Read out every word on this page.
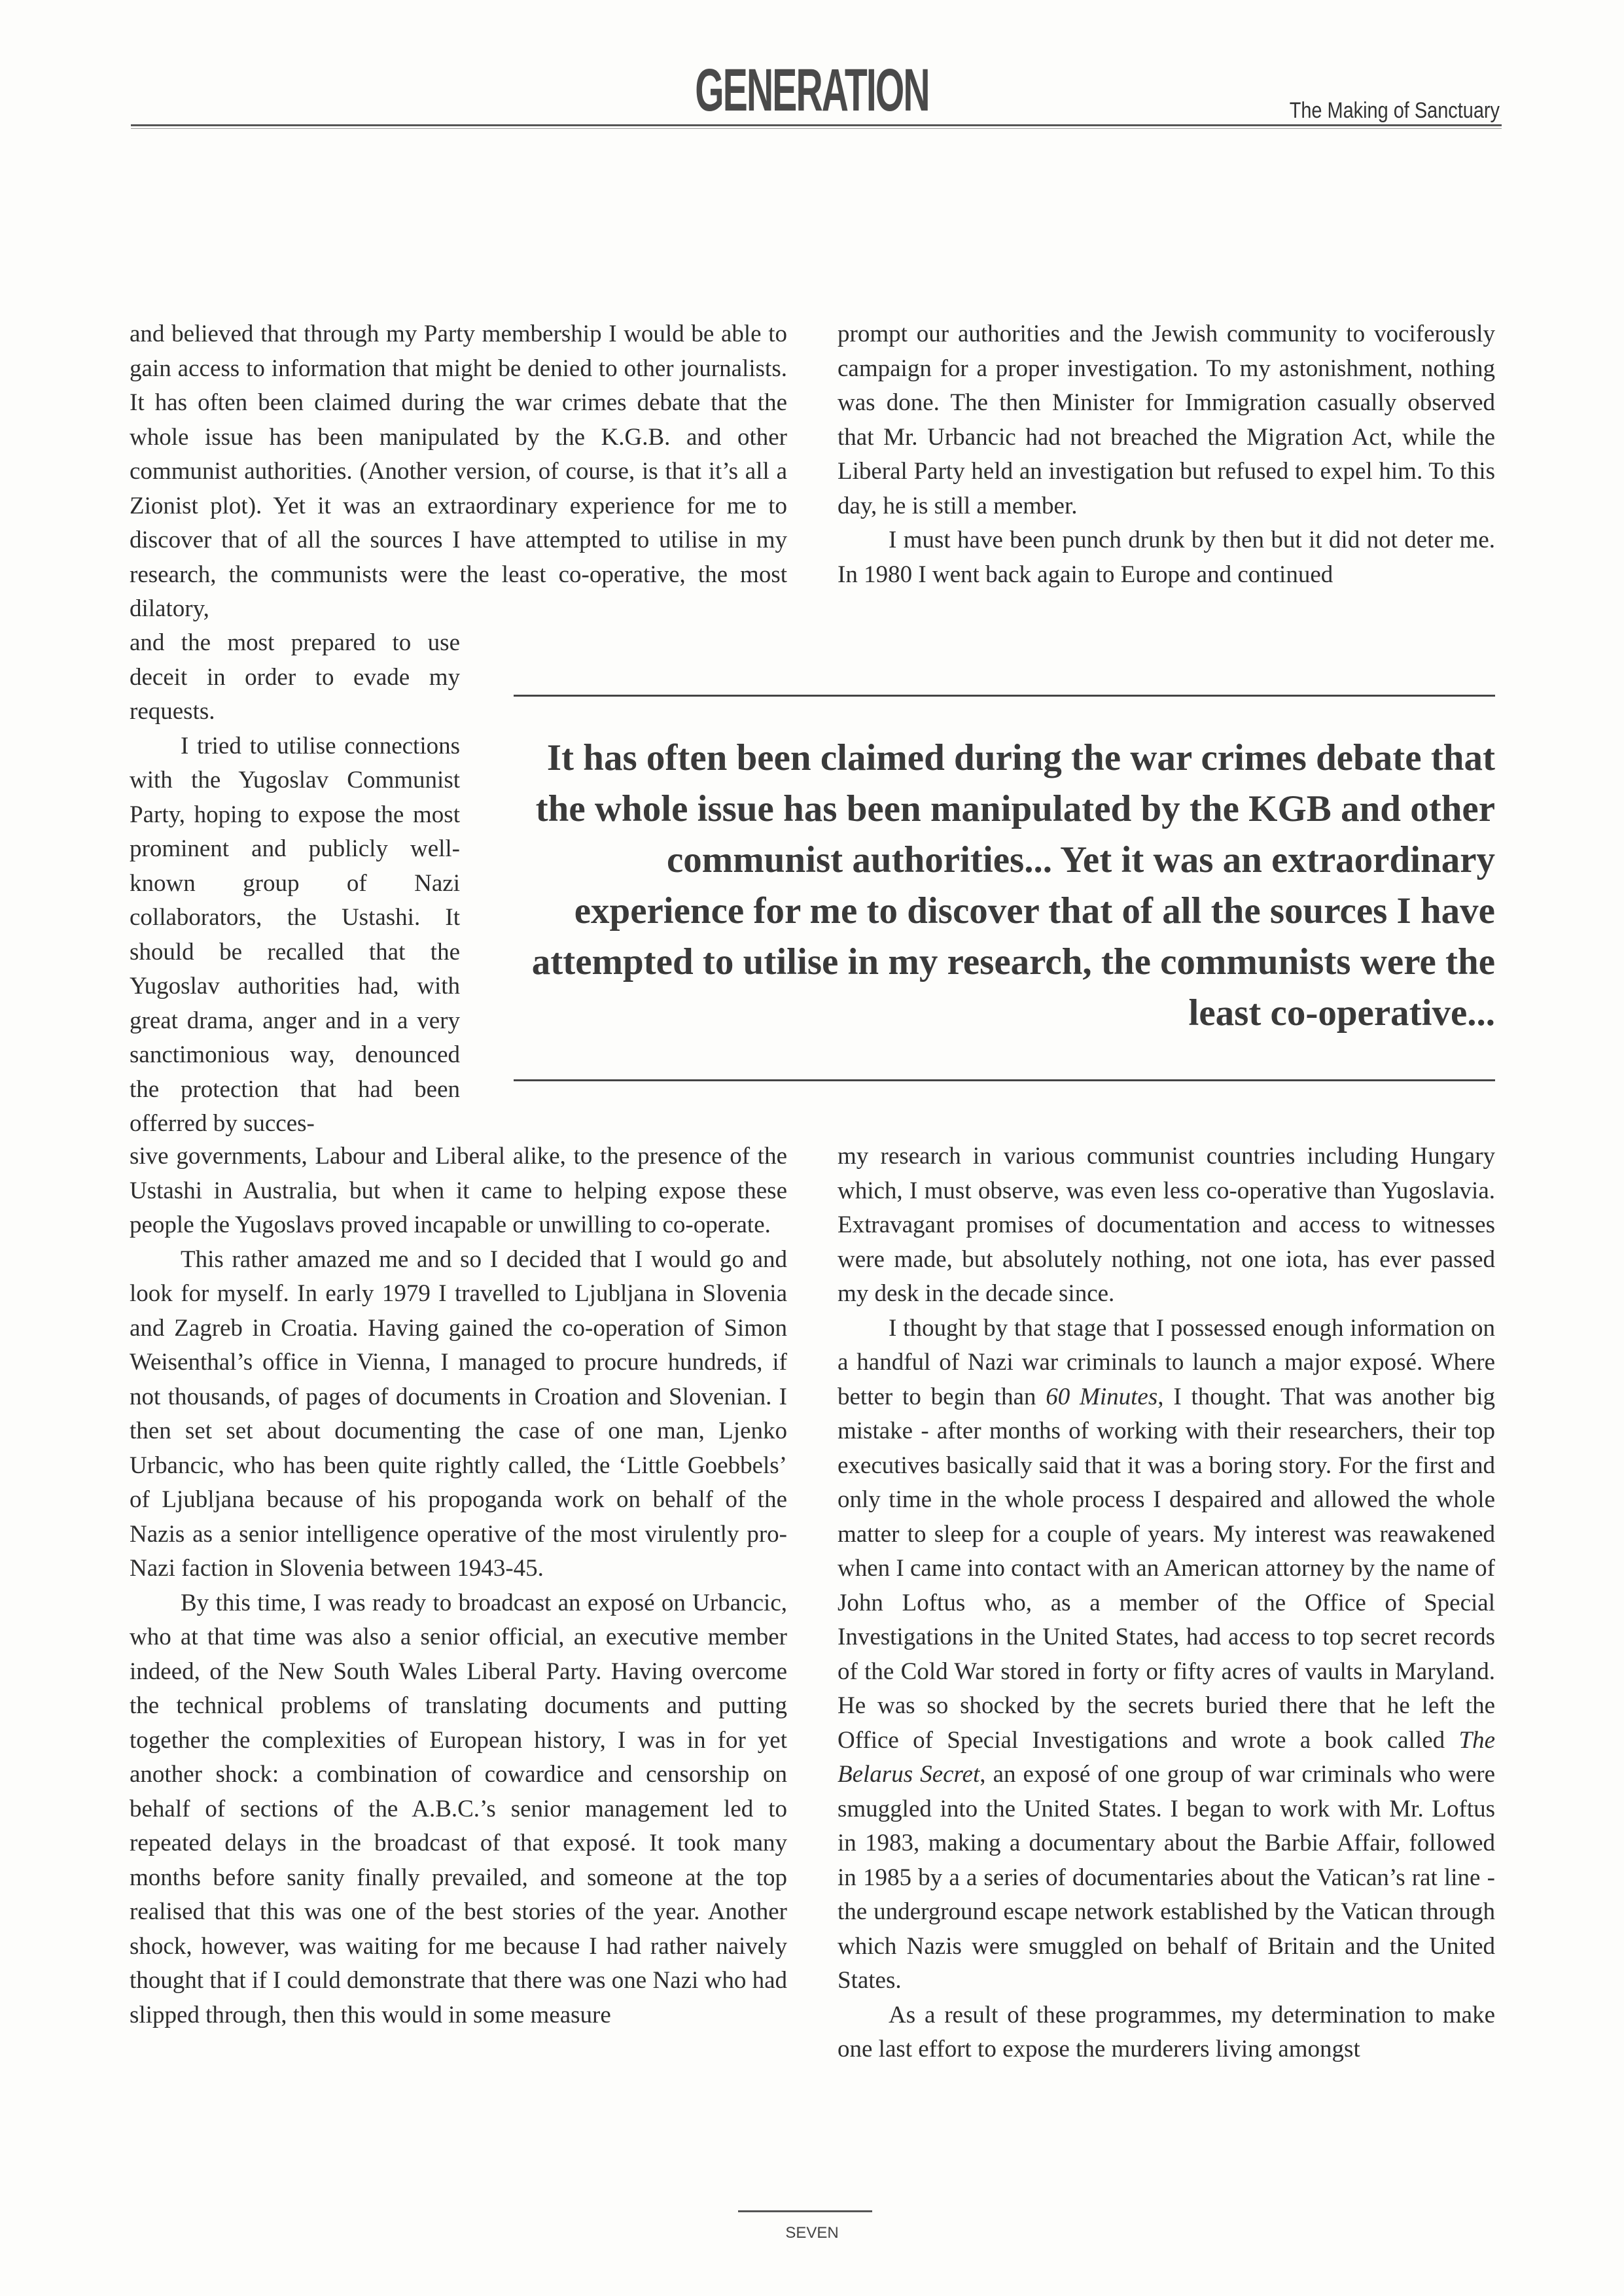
GENERATION	The Making of Sanctuary

and believed that through my Party membership I would be able to gain access to information that might be denied to other journalists. It has often been claimed during the war crimes debate that the whole issue has been manipulated by the K.G.B. and other communist authorities. (Another version, of course, is that it’s all a Zionist plot). Yet it was an extraordinary experience for me to discover that of all the sources I have attempted to utilise in my research, the communists were the least co-operative, the most dilatory,

and the most prepared to use deceit in order to evade my requests.

I tried to utilise connections with the Yugoslav Communist Party, hoping to expose the most prominent and publicly well-known group of Nazi collaborators, the Ustashi. It should be recalled that the Yugoslav authorities had, with great drama, anger and in a very sanctimonious way, denounced the protection that had been offerred by succes-

sive governments, Labour and Liberal alike, to the presence of the Ustashi in Australia, but when it came to helping expose these people the Yugoslavs proved incapable or unwilling to co-operate.

This rather amazed me and so I decided that I would go and look for myself. In early 1979 I travelled to Ljubljana in Slovenia and Zagreb in Croatia. Having gained the co-operation of Simon Weisenthal’s office in Vienna, I managed to procure hundreds, if not thousands, of pages of documents in Croation and Slovenian. I then set set about documenting the case of one man, Ljenko Urbancic, who has been quite rightly called, the ‘Little Goebbels’ of Ljubljana because of his propoganda work on behalf of the Nazis as a senior intelligence operative of the most virulently pro-Nazi faction in Slovenia between 1943-45.

By this time, I was ready to broadcast an exposé on Urbancic, who at that time was also a senior official, an executive member indeed, of the New South Wales Liberal Party. Having overcome the technical problems of translating documents and putting together the complexities of European history, I was in for yet another shock: a combination of cowardice and censorship on behalf of sections of the A.B.C.’s senior management led to repeated delays in the broadcast of that exposé. It took many months before sanity finally prevailed, and someone at the top realised that this was one of the best stories of the year. Another shock, however, was waiting for me because I had rather naively thought that if I could demonstrate that there was one Nazi who had slipped through, then this would in some measure

prompt our authorities and the Jewish community to vociferously campaign for a proper investigation. To my astonishment, nothing was done. The then Minister for Immigration casually observed that Mr. Urbancic had not breached the Migration Act, while the Liberal Party held an investigation but refused to expel him. To this day, he is still a member.

I must have been punch drunk by then but it did not deter me. In 1980 I went back again to Europe and continued

It has often been claimed during the war crimes debate that the whole issue has been manipulated by the KGB and other communist authorities... Yet it was an extraordinary experience for me to discover that of all the sources I have attempted to utilise in my research, the communists were the least co-operative...

my research in various communist countries including Hungary which, I must observe, was even less co-operative than Yugoslavia. Extravagant promises of documentation and access to witnesses were made, but absolutely nothing, not one iota, has ever passed my desk in the decade since.

I thought by that stage that I possessed enough information on a handful of Nazi war criminals to launch a major exposé. Where better to begin than 60 Minutes, I thought. That was another big mistake - after months of working with their researchers, their top executives basically said that it was a boring story. For the first and only time in the whole process I despaired and allowed the whole matter to sleep for a couple of years. My interest was reawakened when I came into contact with an American attorney by the name of John Loftus who, as a member of the Office of Special Investigations in the United States, had access to top secret records of the Cold War stored in forty or fifty acres of vaults in Maryland. He was so shocked by the secrets buried there that he left the Office of Special Investigations and wrote a book called The Belarus Secret, an exposé of one group of war criminals who were smuggled into the United States. I began to work with Mr. Loftus in 1983, making a documentary about the Barbie Affair, followed in 1985 by a a series of documentaries about the Vatican’s rat line - the underground escape network established by the Vatican through which Nazis were smuggled on behalf of Britain and the United States.

As a result of these programmes, my determination to make one last effort to expose the murderers living amongst

SEVEN
